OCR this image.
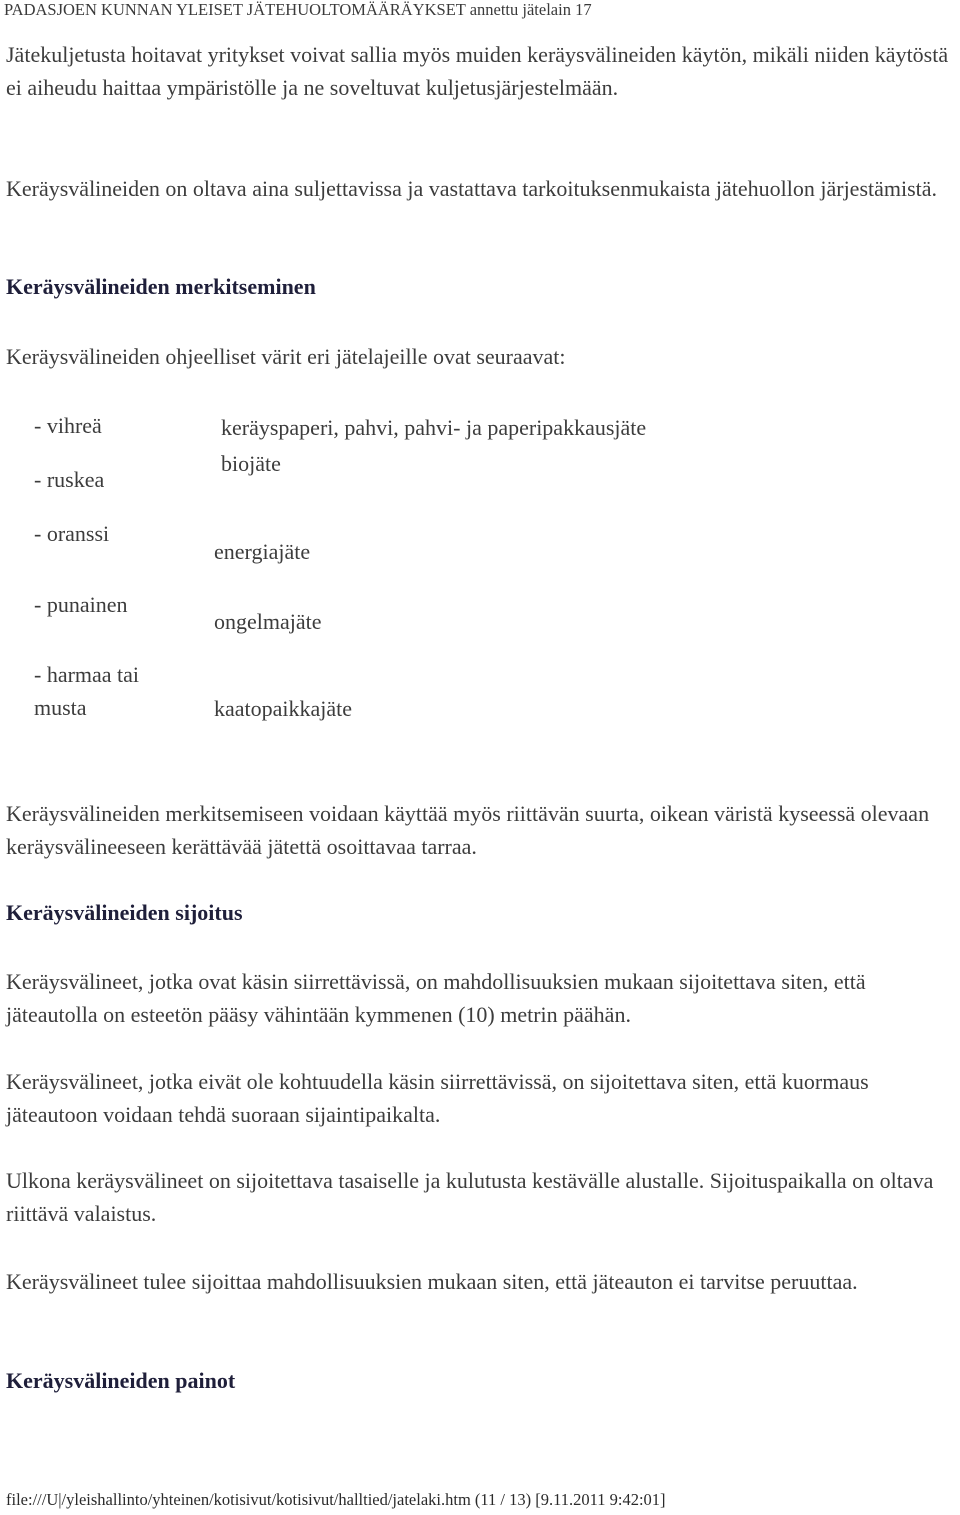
PADASJOEN KUNNAN YLEISET JÄTEHUOLTOMÄÄRÄYKSET annettu jätelain 17
Jätekuljetusta hoitavat yritykset voivat sallia myös muiden keräysvälineiden käytön, mikäli niiden käytöstä ei aiheudu haittaa ympäristölle ja ne soveltuvat kuljetusjärjestelmään.
Keräysvälineiden on oltava aina suljettavissa ja vastattava tarkoituksenmukaista jätehuollon järjestämistä.
Keräysvälineiden merkitseminen
Keräysvälineiden ohjeelliset värit eri jätelajeille ovat seuraavat:
- vihreä	keräyspaperi, pahvi, pahvi- ja paperipakkausjäte
- ruskea
biojäte
- oranssi
energiajäte
- punainen
ongelmajäte
- harmaa tai
musta	kaatopaikkajäte
Keräysvälineiden merkitsemiseen voidaan käyttää myös riittävän suurta, oikean väristä kyseessä olevaan keräysvälineeseen kerättävää jätettä osoittavaa tarraa.
Keräysvälineiden sijoitus
Keräysvälineet, jotka ovat käsin siirrettävissä, on mahdollisuuksien mukaan sijoitettava siten, että jäteautolla on esteetön pääsy vähintään kymmenen (10) metrin päähän.
Keräysvälineet, jotka eivät ole kohtuudella käsin siirrettävissä, on sijoitettava siten, että kuormaus jäteautoon voidaan tehdä suoraan sijaintipaikalta.
Ulkona keräysvälineet on sijoitettava tasaiselle ja kulutusta kestävälle alustalle. Sijoituspaikalla on oltava riittävä valaistus.
Keräysvälineet tulee sijoittaa mahdollisuuksien mukaan siten, että jäteauton ei tarvitse peruuttaa.
Keräysvälineiden painot
file:///U|/yleishallinto/yhteinen/kotisivut/kotisivut/halltied/jatelaki.htm (11 / 13) [9.11.2011 9:42:01]
